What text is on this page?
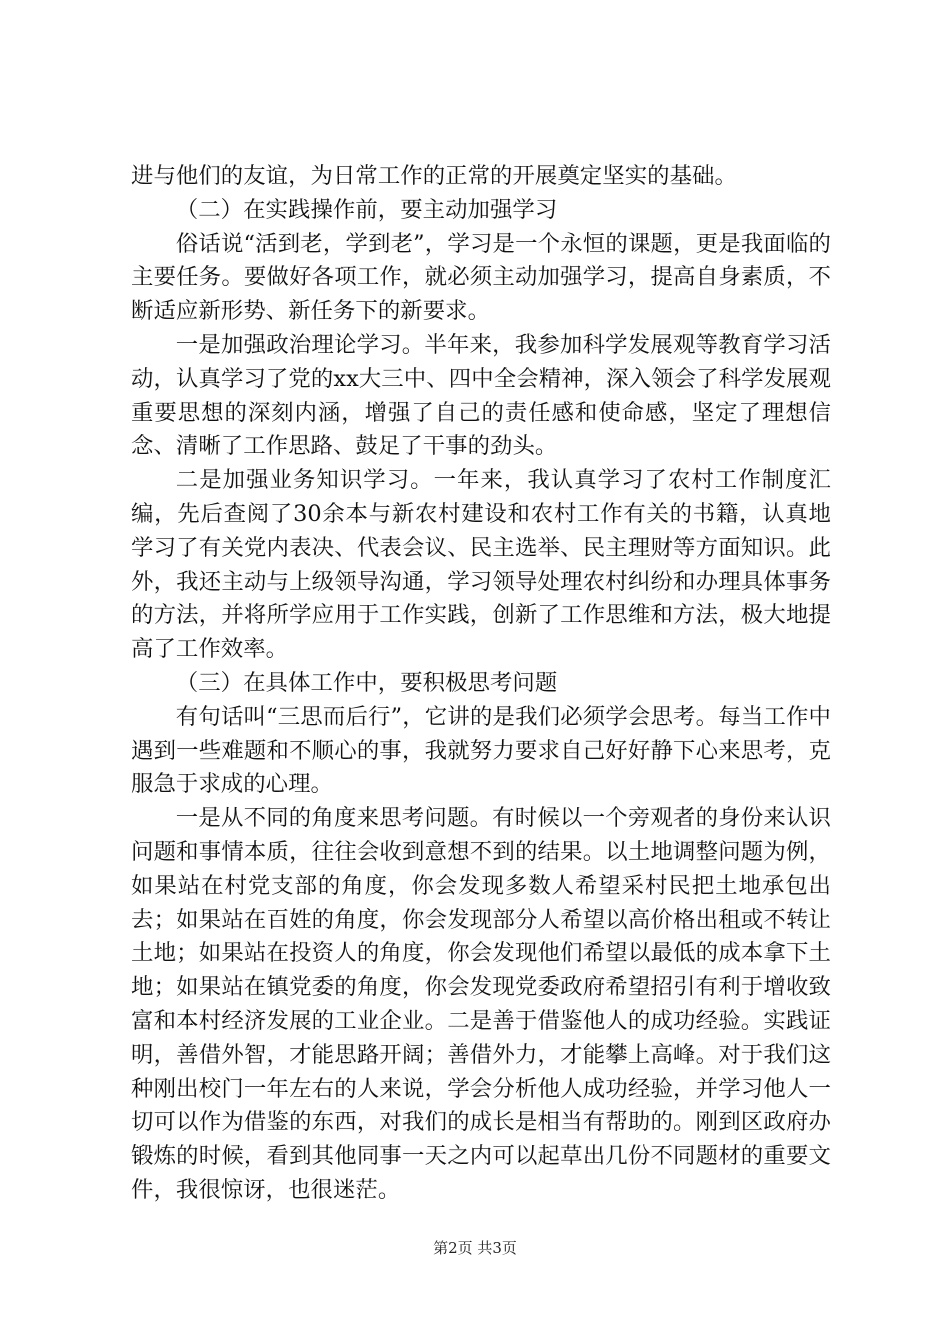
进与他们的友谊，为日常工作的正常的开展奠定坚实的基础。

（二）在实践操作前，要主动加强学习

俗话说“活到老，学到老”，学习是一个永恒的课题，更是我面临的主要任务。要做好各项工作，就必须主动加强学习，提高自身素质，不断适应新形势、新任务下的新要求。

一是加强政治理论学习。半年来，我参加科学发展观等教育学习活动，认真学习了党的xx大三中、四中全会精神，深入领会了科学发展观重要思想的深刻内涵，增强了自己的责任感和使命感，坚定了理想信念、清晰了工作思路、鼓足了干事的劲头。

二是加强业务知识学习。一年来，我认真学习了农村工作制度汇编，先后查阅了30余本与新农村建设和农村工作有关的书籍，认真地学习了有关党内表决、代表会议、民主选举、民主理财等方面知识。此外，我还主动与上级领导沟通，学习领导处理农村纠纷和办理具体事务的方法，并将所学应用于工作实践，创新了工作思维和方法，极大地提高了工作效率。

（三）在具体工作中，要积极思考问题

有句话叫“三思而后行”，它讲的是我们必须学会思考。每当工作中遇到一些难题和不顺心的事，我就努力要求自己好好静下心来思考，克服急于求成的心理。

一是从不同的角度来思考问题。有时候以一个旁观者的身份来认识问题和事情本质，往往会收到意想不到的结果。以土地调整问题为例，如果站在村党支部的角度，你会发现多数人希望采村民把土地承包出去；如果站在百姓的角度，你会发现部分人希望以高价格出租或不转让土地；如果站在投资人的角度，你会发现他们希望以最低的成本拿下土地；如果站在镇党委的角度，你会发现党委政府希望招引有利于增收致富和本村经济发展的工业企业。二是善于借鉴他人的成功经验。实践证明，善借外智，才能思路开阔；善借外力，才能攀上高峰。对于我们这种刚出校门一年左右的人来说，学会分析他人成功经验，并学习他人一切可以作为借鉴的东西，对我们的成长是相当有帮助的。刚到区政府办锻炼的时候，看到其他同事一天之内可以起草出几份不同题材的重要文件，我很惊讶，也很迷茫。

第2页 共3页
